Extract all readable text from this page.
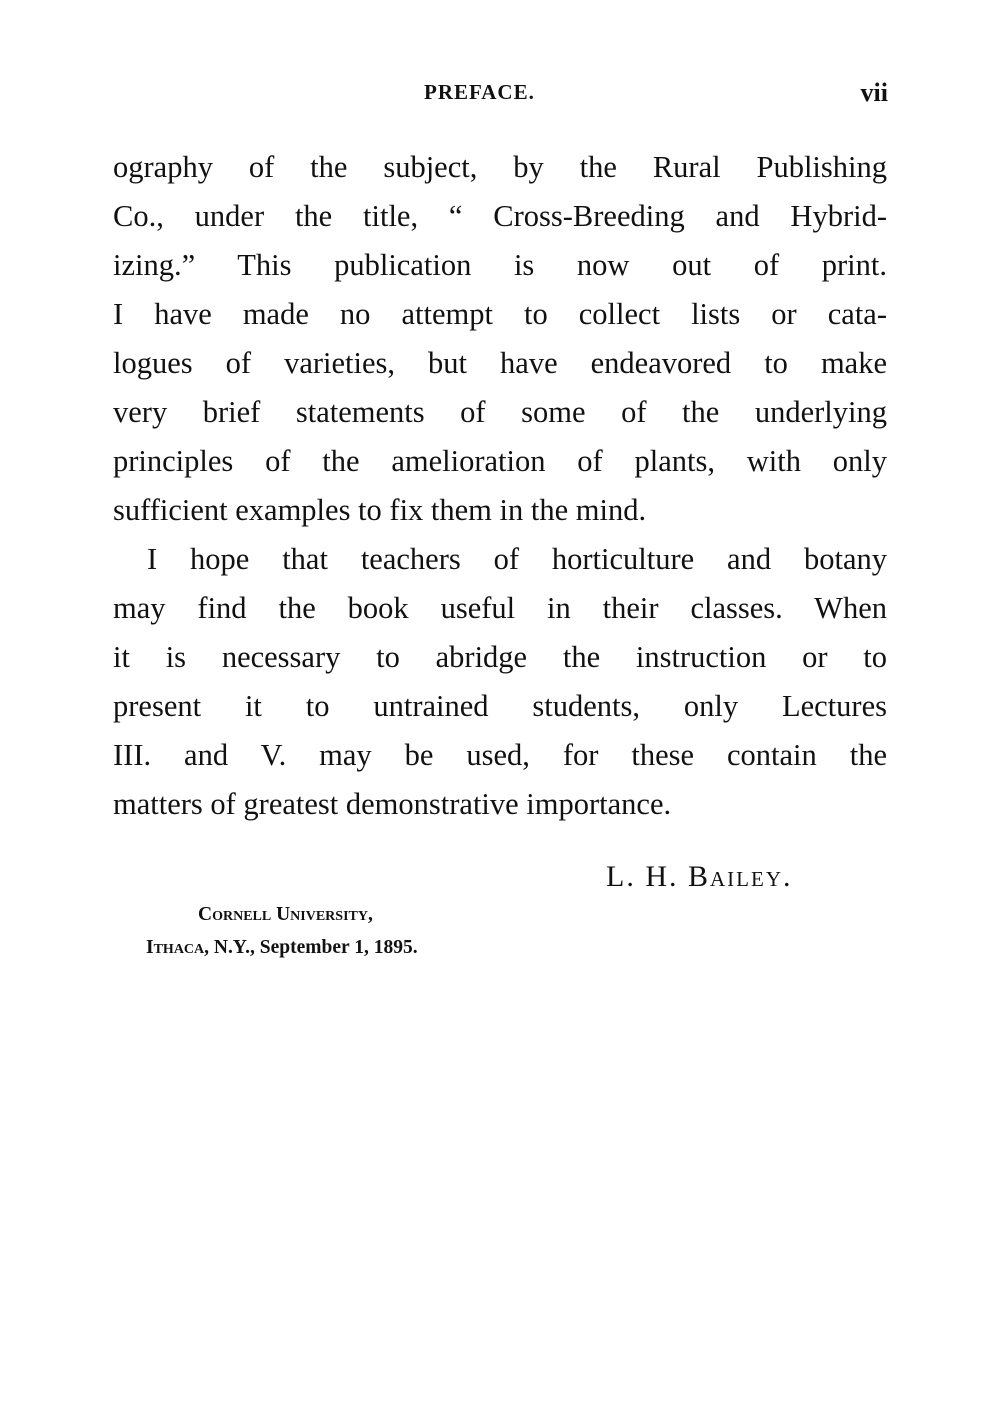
PREFACE.	vii

ography of the subject, by the Rural Publishing
Co., under the title, “ Cross-Breeding and Hybrid-
izing.” This publication is now out of print.
I have made no attempt to collect lists or cata-
logues of varieties, but have endeavored to make
very brief statements of some of the underlying
principles of the amelioration of plants, with only
sufficient examples to fix them in the mind.

I hope that teachers of horticulture and botany
may find the book useful in their classes. When
it is necessary to abridge the instruction or to
present it to untrained students, only Lectures
III. and V. may be used, for these contain the
matters of greatest demonstrative importance.

L. H. Bailey.
Cornell University,
Ithaca, N.Y., September 1, 1895.
